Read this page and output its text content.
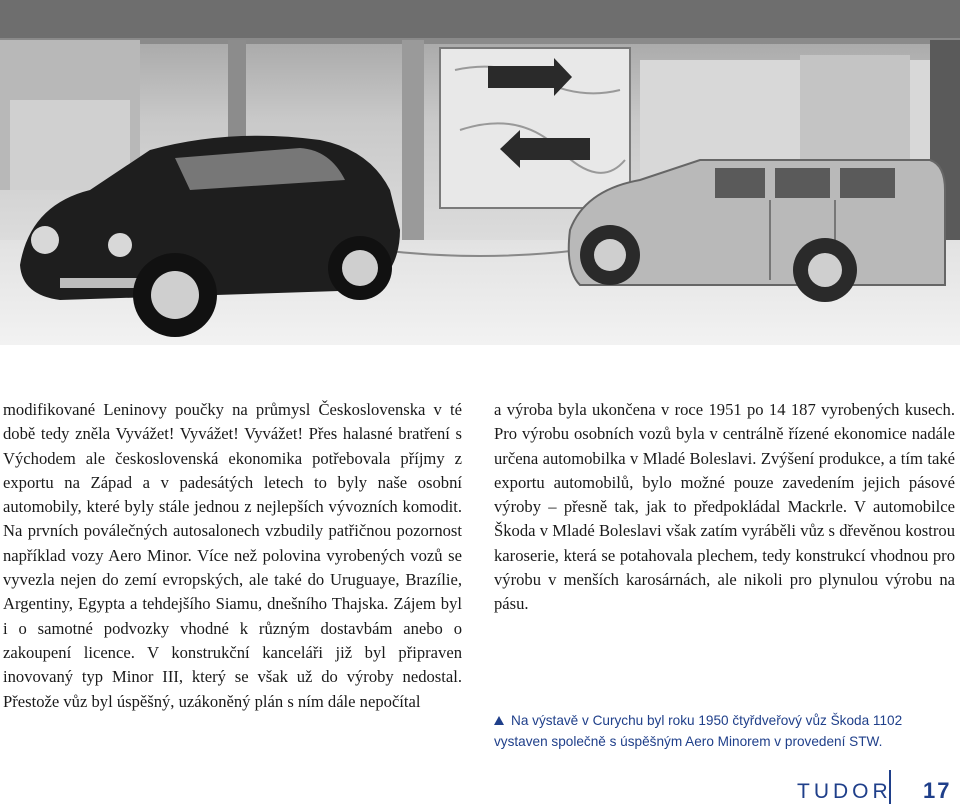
modifikované Leninovy poučky na průmysl Československa v té době tedy zněla Vyvážet! Vyvážet! Vyvážet! Přes halasné bratření s Východem ale československá ekonomika potřebovala příjmy z exportu na Západ a v padesátých letech to byly naše osobní automobily, které byly stále jednou z nejlepších vývozních komodit. Na prvních poválečných autosalonech vzbudily patřičnou pozornost například vozy Aero Minor. Více než polovina vyrobených vozů se vyvezla nejen do zemí evropských, ale také do Uruguaye, Brazílie, Argentiny, Egypta a tehdejšího Siamu, dnešního Thajska. Zájem byl i o samotné podvozky vhodné k různým dostavbám anebo o zakoupení licence. V konstrukční kanceláři již byl připraven inovovaný typ Minor III, který se však už do výroby nedostal. Přestože vůz byl úspěšný, uzákoněný plán s ním dále nepočítal

a výroba byla ukončena v roce 1951 po 14 187 vyrobených kusech. Pro výrobu osobních vozů byla v centrálně řízené ekonomice nadále určena automobilka v Mladé Boleslavi. Zvýšení produkce, a tím také exportu automobilů, bylo možné pouze zavedením jejich pásové výroby – přesně tak, jak to předpokládal Mackrle. V automobilce Škoda v Mladé Boleslavi však zatím vyráběli vůz s dřevěnou kostrou karoserie, která se potahovala plechem, tedy konstrukcí vhodnou pro výrobu v menších karosárnách, ale nikoli pro plynulou výrobu na pásu.

Na výstavě v Curychu byl roku 1950 čtyřdveřový vůz Škoda 1102
vystaven společně s úspěšným Aero Minorem v provedení STW.
TUDOR 17
